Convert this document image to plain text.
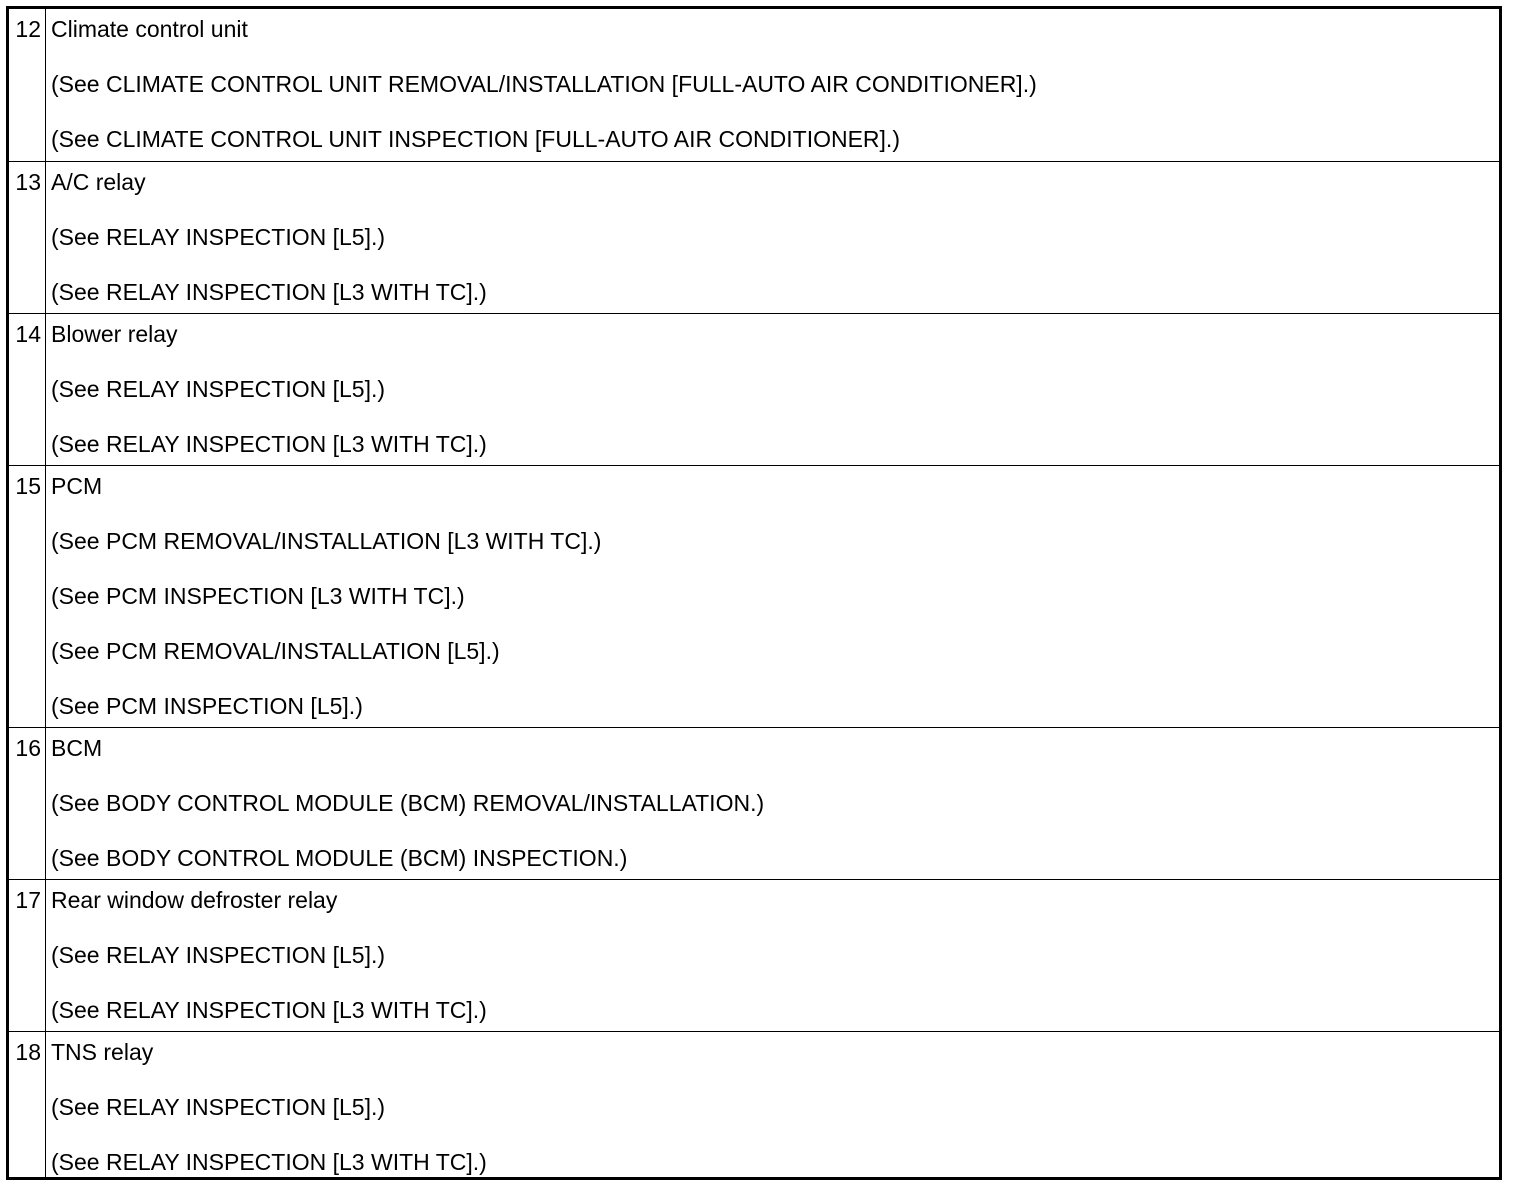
12 Climate control unit
(See CLIMATE CONTROL UNIT REMOVAL/INSTALLATION [FULL-AUTO AIR CONDITIONER].)
(See CLIMATE CONTROL UNIT INSPECTION [FULL-AUTO AIR CONDITIONER].)
13 A/C relay
(See RELAY INSPECTION [L5].)
(See RELAY INSPECTION [L3 WITH TC].)
14 Blower relay
(See RELAY INSPECTION [L5].)
(See RELAY INSPECTION [L3 WITH TC].)
15 PCM
(See PCM REMOVAL/INSTALLATION [L3 WITH TC].)
(See PCM INSPECTION [L3 WITH TC].)
(See PCM REMOVAL/INSTALLATION [L5].)
(See PCM INSPECTION [L5].)
16 BCM
(See BODY CONTROL MODULE (BCM) REMOVAL/INSTALLATION.)
(See BODY CONTROL MODULE (BCM) INSPECTION.)
17 Rear window defroster relay
(See RELAY INSPECTION [L5].)
(See RELAY INSPECTION [L3 WITH TC].)
18 TNS relay
(See RELAY INSPECTION [L5].)
(See RELAY INSPECTION [L3 WITH TC].)
